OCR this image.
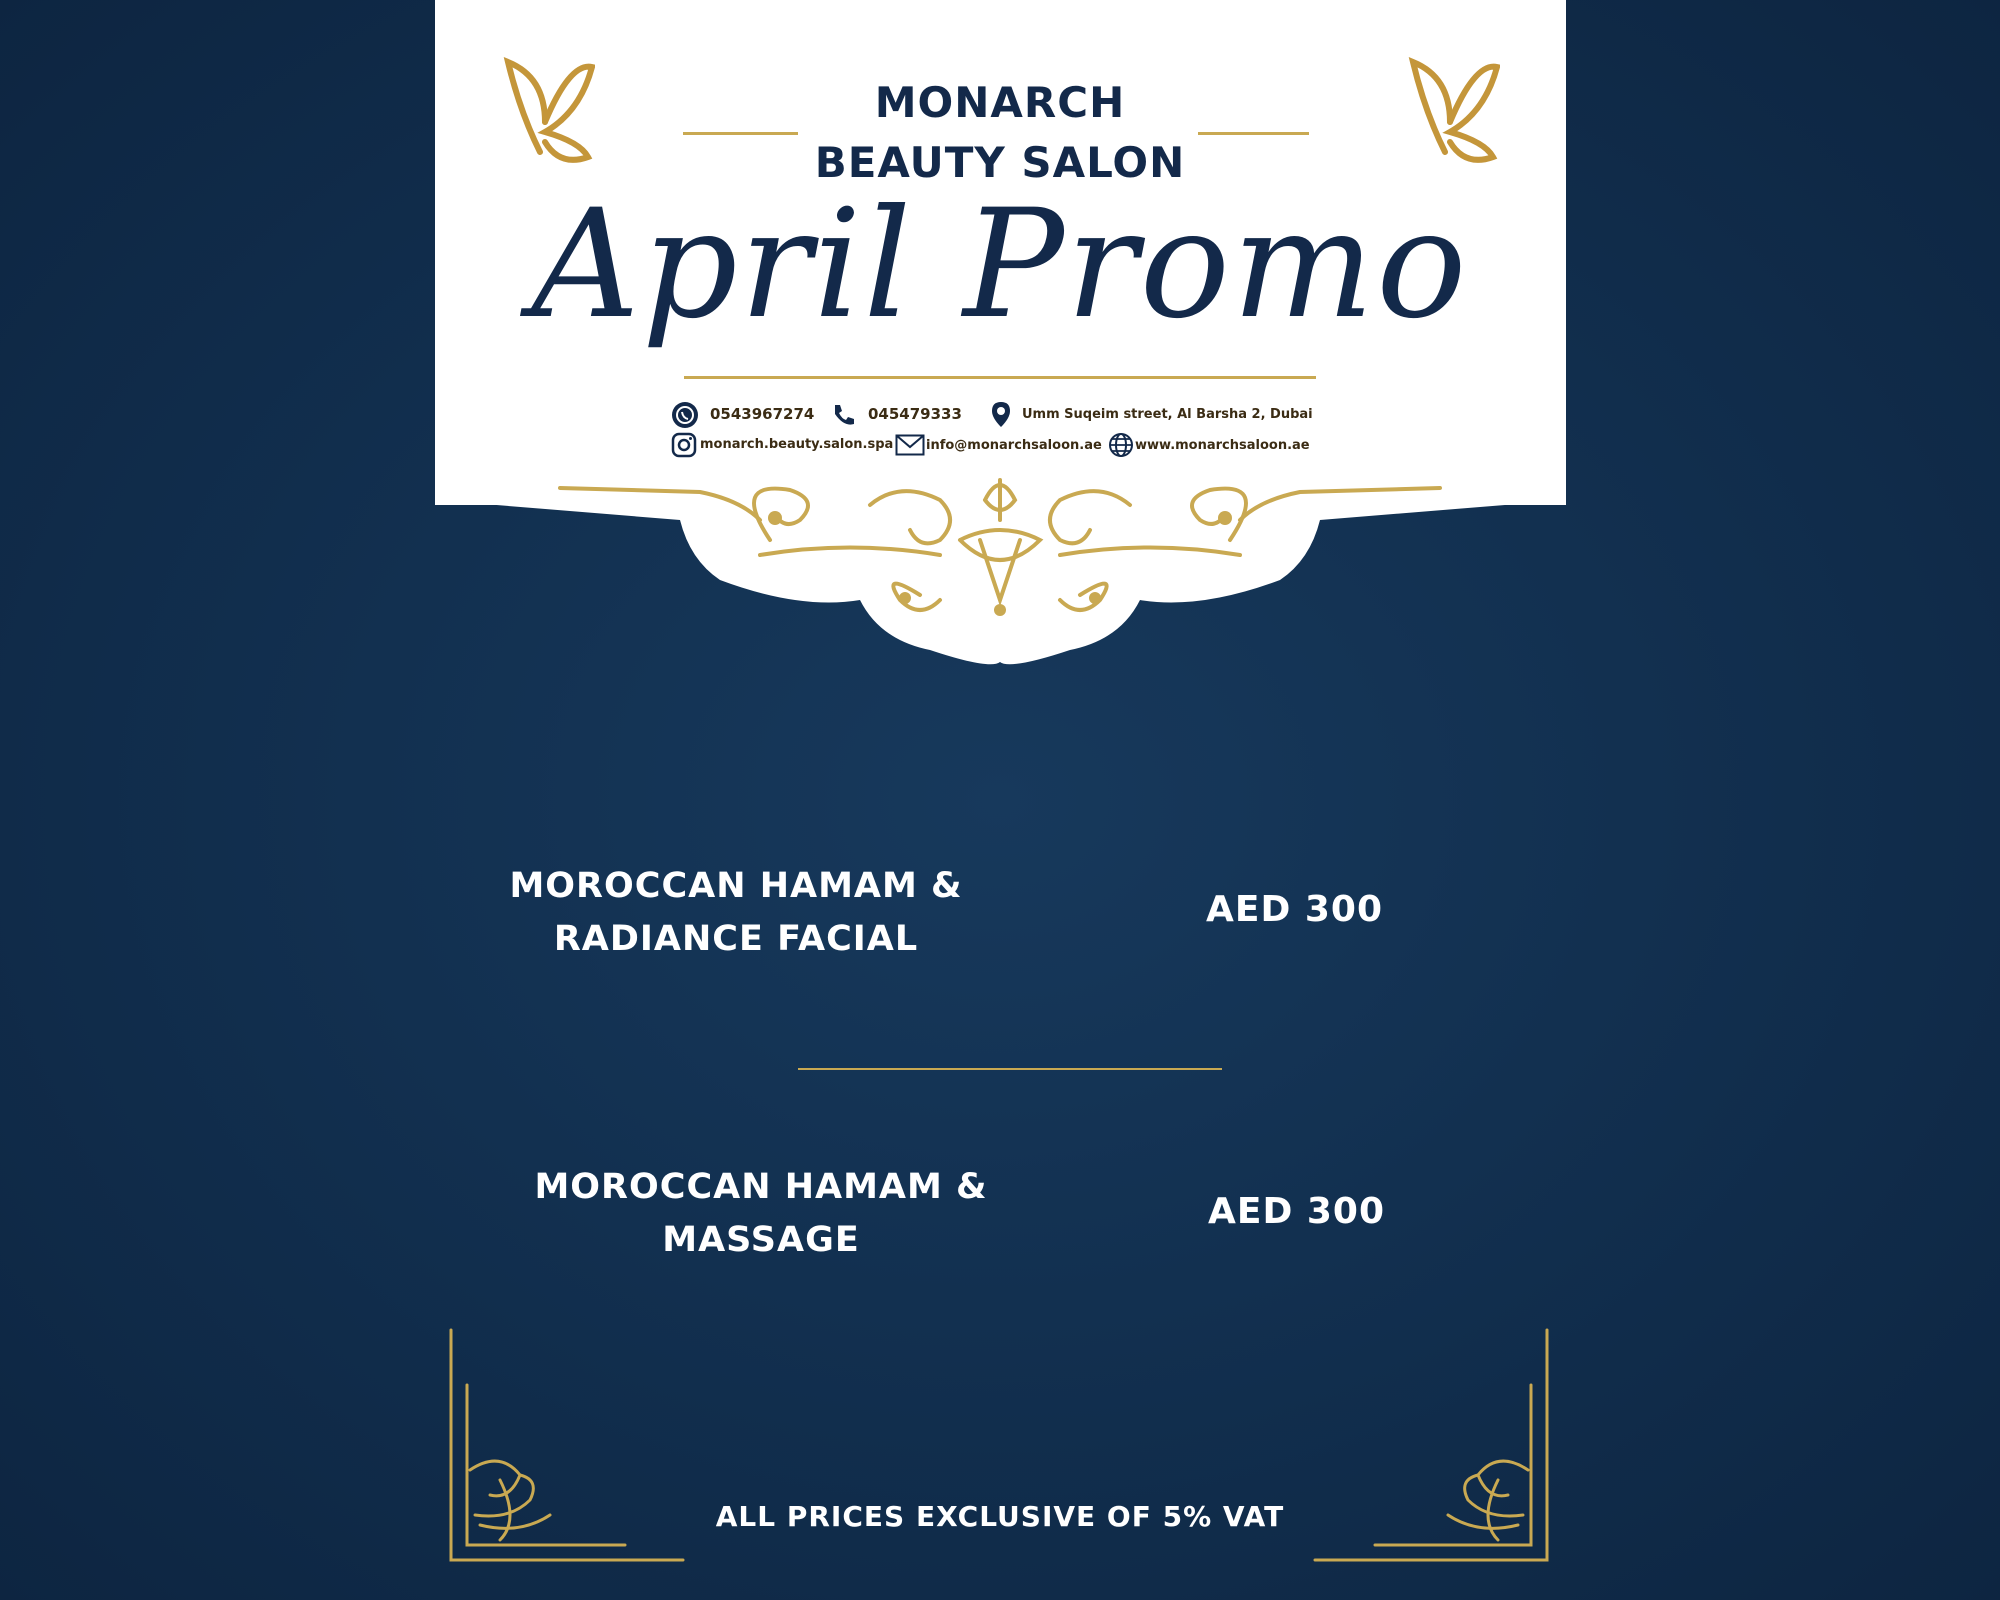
MONARCH
BEAUTY SALON
April Promo
0543967274	045479333	Umm Suqeim street, Al Barsha 2, Dubai
monarch.beauty.salon.spa	info@monarchsaloon.ae	www.monarchsaloon.ae
MOROCCAN HAMAM &
RADIANCE FACIAL
AED 300
MOROCCAN HAMAM &
MASSAGE
AED 300
ALL PRICES EXCLUSIVE OF 5% VAT
